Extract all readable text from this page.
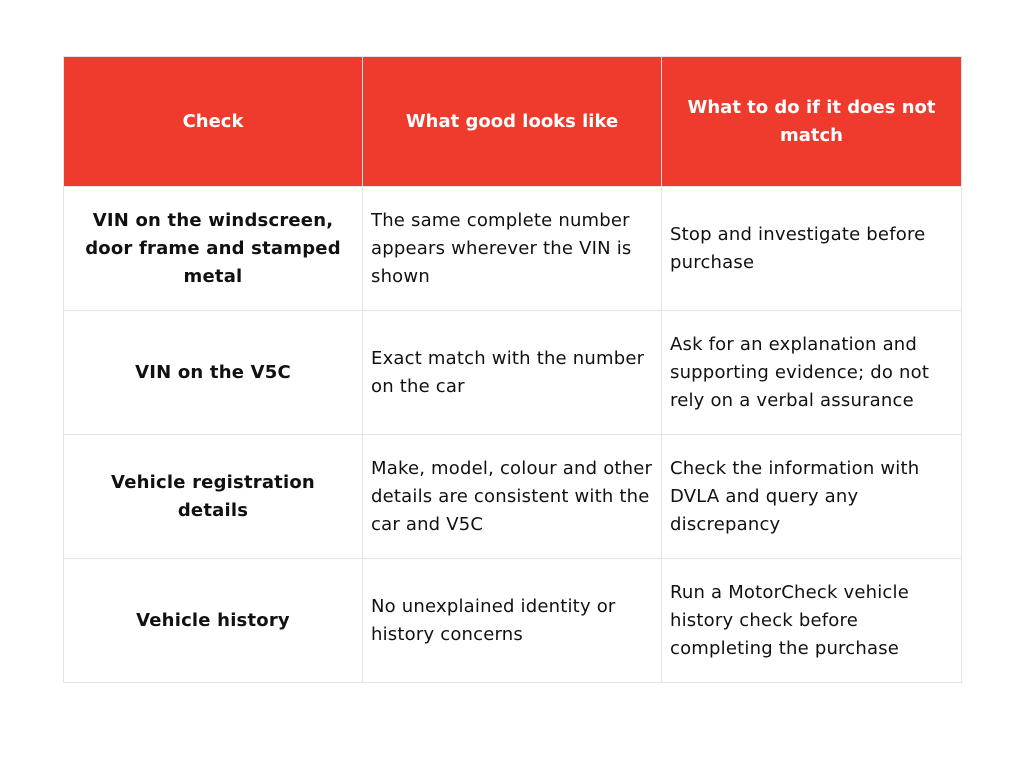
Check	What good looks like	What to do if it does not match
VIN on the windscreen, door frame and stamped metal	The same complete number appears wherever the VIN is shown	Stop and investigate before purchase
VIN on the V5C	Exact match with the number on the car	Ask for an explanation and supporting evidence; do not rely on a verbal assurance
Vehicle registration details	Make, model, colour and other details are consistent with the car and V5C	Check the information with DVLA and query any discrepancy
Vehicle history	No unexplained identity or history concerns	Run a MotorCheck vehicle history check before completing the purchase
